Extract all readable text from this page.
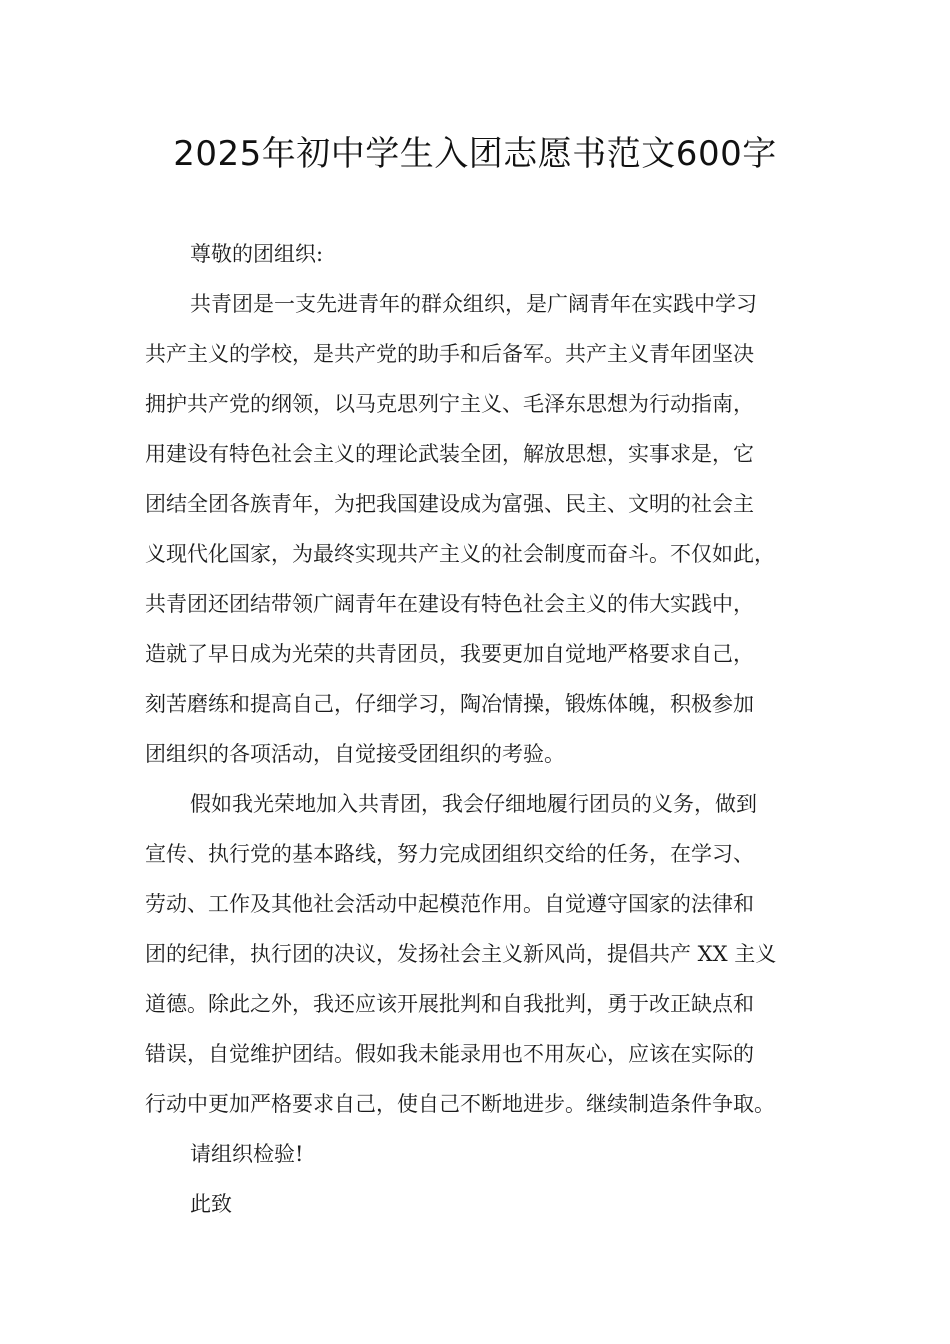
2025年初中学生入团志愿书范文600字
尊敬的团组织:
共青团是一支先进青年的群众组织，是广阔青年在实践中学习
共产主义的学校，是共产党的助手和后备军。共产主义青年团坚决
拥护共产党的纲领，以马克思列宁主义、毛泽东思想为行动指南，
用建设有特色社会主义的理论武装全团，解放思想，实事求是，它
团结全团各族青年，为把我国建设成为富强、民主、文明的社会主
义现代化国家，为最终实现共产主义的社会制度而奋斗。不仅如此，
共青团还团结带领广阔青年在建设有特色社会主义的伟大实践中，
造就了早日成为光荣的共青团员，我要更加自觉地严格要求自己，
刻苦磨练和提高自己，仔细学习，陶冶情操，锻炼体魄，积极参加
团组织的各项活动，自觉接受团组织的考验。
假如我光荣地加入共青团，我会仔细地履行团员的义务，做到
宣传、执行党的基本路线，努力完成团组织交给的任务，在学习、
劳动、工作及其他社会活动中起模范作用。自觉遵守国家的法律和
团的纪律，执行团的决议，发扬社会主义新风尚，提倡共产 XX 主义
道德。除此之外，我还应该开展批判和自我批判，勇于改正缺点和
错误，自觉维护团结。假如我未能录用也不用灰心，应该在实际的
行动中更加严格要求自己，使自己不断地进步。继续制造条件争取。
请组织检验!
此致
